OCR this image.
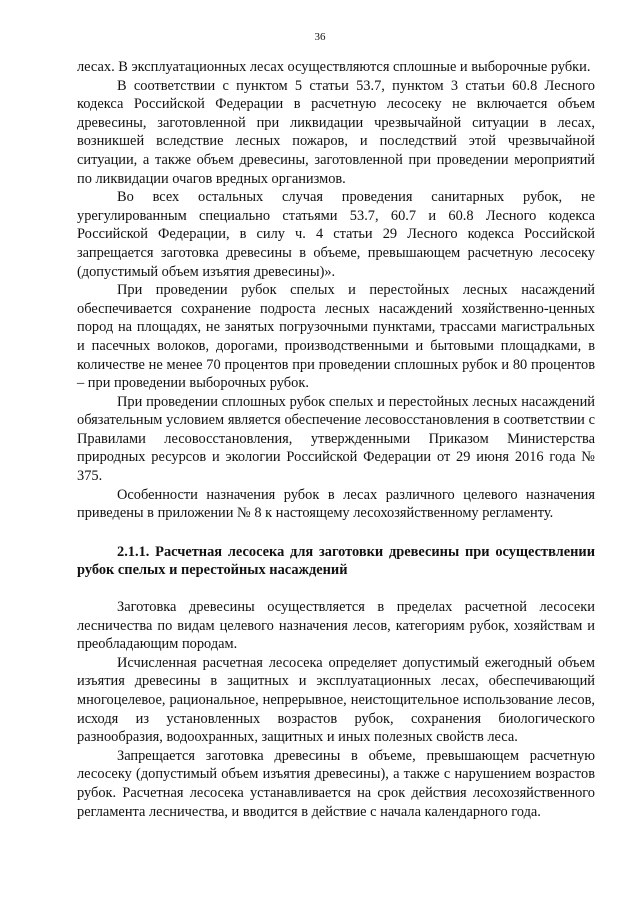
36

лесах. В эксплуатационных лесах осуществляются сплошные и выборочные рубки.

В соответствии с пунктом 5 статьи 53.7, пунктом 3 статьи 60.8 Лесного кодекса Российской Федерации в расчетную лесосеку не включается объем древесины, заготовленной при ликвидации чрезвычайной ситуации в лесах, возникшей вследствие лесных пожаров, и последствий этой чрезвычайной ситуации, а также объем древесины, заготовленной при проведении мероприятий по ликвидации очагов вредных организмов.

Во всех остальных случая проведения санитарных рубок, не урегулированным специально статьями 53.7, 60.7 и 60.8 Лесного кодекса Российской Федерации, в силу ч. 4 статьи 29 Лесного кодекса Российской запрещается заготовка древесины в объеме, превышающем расчетную лесосеку (допустимый объем изъятия древесины)».

При проведении рубок спелых и перестойных лесных насаждений обеспечивается сохранение подроста лесных насаждений хозяйственно-ценных пород на площадях, не занятых погрузочными пунктами, трассами магистральных и пасечных волоков, дорогами, производственными и бытовыми площадками, в количестве не менее 70 процентов при проведении сплошных рубок и 80 процентов – при проведении выборочных рубок.

При проведении сплошных рубок спелых и перестойных лесных насаждений обязательным условием является обеспечение лесовосстановления в соответствии с Правилами лесовосстановления, утвержденными Приказом Министерства природных ресурсов и экологии Российской Федерации от 29 июня 2016 года № 375.

Особенности назначения рубок в лесах различного целевого назначения приведены в приложении № 8 к настоящему лесохозяйственному регламенту.

2.1.1. Расчетная лесосека для заготовки древесины при осуществлении рубок спелых и перестойных насаждений

Заготовка древесины осуществляется в пределах расчетной лесосеки лесничества по видам целевого назначения лесов, категориям рубок, хозяйствам и преобладающим породам.

Исчисленная расчетная лесосека определяет допустимый ежегодный объем изъятия древесины в защитных и эксплуатационных лесах, обеспечивающий многоцелевое, рациональное, непрерывное, неистощительное использование лесов, исходя из установленных возрастов рубок, сохранения биологического разнообразия, водоохранных, защитных и иных полезных свойств леса.

Запрещается заготовка древесины в объеме, превышающем расчетную лесосеку (допустимый объем изъятия древесины), а также с нарушением возрастов рубок. Расчетная лесосека устанавливается на срок действия лесохозяйственного регламента лесничества, и вводится в действие с начала календарного года.
